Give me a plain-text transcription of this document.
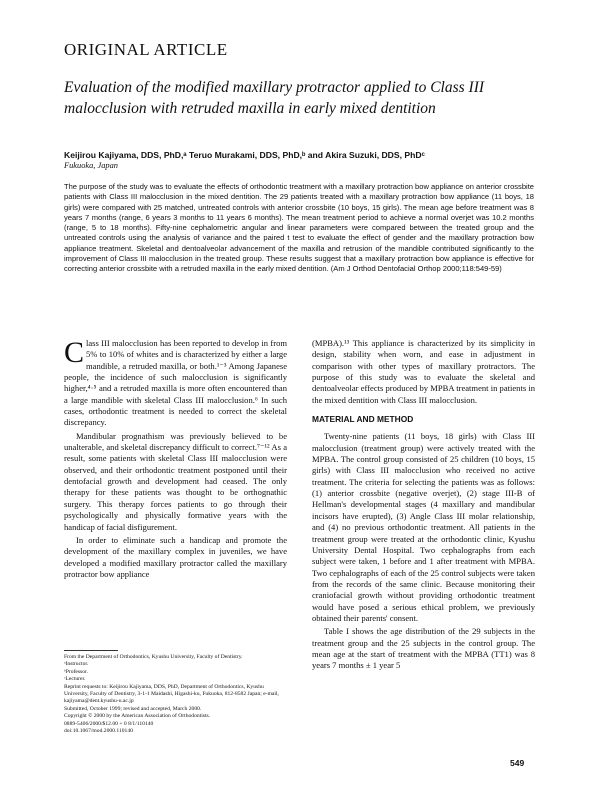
ORIGINAL ARTICLE
Evaluation of the modified maxillary protractor applied to Class III malocclusion with retruded maxilla in early mixed dentition
Keijirou Kajiyama, DDS, PhD,ᵃ Teruo Murakami, DDS, PhD,ᵇ and Akira Suzuki, DDS, PhDᶜ
Fukuoka, Japan
The purpose of the study was to evaluate the effects of orthodontic treatment with a maxillary protraction bow appliance on anterior crossbite patients with Class III malocclusion in the mixed dentition. The 29 patients treated with a maxillary protraction bow appliance (11 boys, 18 girls) were compared with 25 matched, untreated controls with anterior crossbite (10 boys, 15 girls). The mean age before treatment was 8 years 7 months (range, 6 years 3 months to 11 years 6 months). The mean treatment period to achieve a normal overjet was 10.2 months (range, 5 to 18 months). Fifty-nine cephalometric angular and linear parameters were compared between the treated group and the untreated controls using the analysis of variance and the paired t test to evaluate the effect of gender and the maxillary protraction bow appliance treatment. Skeletal and dentoalveolar advancement of the maxilla and retrusion of the mandible contributed significantly to the improvement of Class III malocclusion in the treated group. These results suggest that a maxillary protraction bow appliance is effective for correcting anterior crossbite with a retruded maxilla in the early mixed dentition. (Am J Orthod Dentofacial Orthop 2000;118:549-59)

Class III malocclusion has been reported to develop in from 5% to 10% of whites and is characterized by either a large mandible, a retruded maxilla, or both.¹⁻³ Among Japanese people, the incidence of such malocclusion is significantly higher,⁴·⁵ and a retruded maxilla is more often encountered than a large mandible with skeletal Class III malocclusion.⁶ In such cases, orthodontic treatment is needed to correct the skeletal discrepancy.

Mandibular prognathism was previously believed to be unalterable, and skeletal discrepancy difficult to correct.⁷⁻¹² As a result, some patients with skeletal Class III malocclusion were observed, and their orthodontic treatment postponed until their dentofacial growth and development had ceased. The only therapy for these patients was thought to be orthognathic surgery. This therapy forces patients to go through their psychologically and physically formative years with the handicap of facial disfigurement.

In order to eliminate such a handicap and promote the development of the maxillary complex in juveniles, we have developed a modified maxillary protractor called the maxillary protractor bow appliance

(MPBA).¹³ This appliance is characterized by its simplicity in design, stability when worn, and ease in adjustment in comparison with other types of maxillary protractors. The purpose of this study was to evaluate the skeletal and dentoalveolar effects produced by MPBA treatment in patients in the mixed dentition with Class III malocclusion.

MATERIAL AND METHOD

Twenty-nine patients (11 boys, 18 girls) with Class III malocclusion (treatment group) were actively treated with the MPBA. The control group consisted of 25 children (10 boys, 15 girls) with Class III malocclusion who received no active treatment. The criteria for selecting the patients was as follows: (1) anterior crossbite (negative overjet), (2) stage III-B of Hellman's developmental stages (4 maxillary and mandibular incisors have erupted), (3) Angle Class III molar relationship, and (4) no previous orthodontic treatment. All patients in the treatment group were treated at the orthodontic clinic, Kyushu University Dental Hospital. Two cephalographs from each subject were taken, 1 before and 1 after treatment with MPBA. Two cephalographs of each of the 25 control subjects were taken from the records of the same clinic. Because monitoring their craniofacial growth without providing orthodontic treatment would have posed a serious ethical problem, we previously obtained their parents' consent.

Table I shows the age distribution of the 29 subjects in the treatment group and the 25 subjects in the control group. The mean age at the start of treatment with the MPBA (TT1) was 8 years 7 months ± 1 year 5

From the Department of Orthodontics, Kyushu University, Faculty of Dentistry.
ᵃInstructor.
ᵇProfessor.
ᶜLecturer.
Reprint requests to: Keijirou Kajiyama, DDS, PhD, Department of Orthodontics, Kyushu University, Faculty of Dentistry, 3-1-1 Maidashi, Higashi-ku, Fukuoka, 812-8582 Japan; e-mail, kajiyama@dent.kyushu-u.ac.jp
Submitted, October 1999; revised and accepted, March 2000.
Copyright © 2000 by the American Association of Orthodontists.
0889-5406/2000/$12.00 + 0 8/1/110140
doi:10.1067/mod.2000.110140
549
